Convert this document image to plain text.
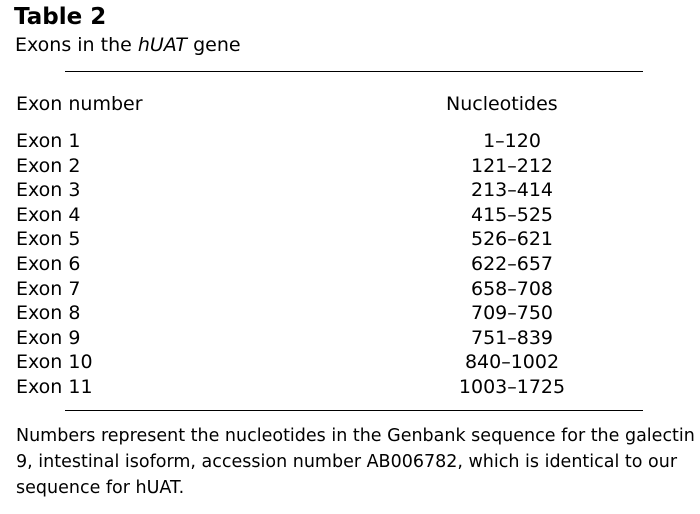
Table 2
Exons in the hUAT gene
Exon number	Nucleotides
Exon 1	1–120
Exon 2	121–212
Exon 3	213–414
Exon 4	415–525
Exon 5	526–621
Exon 6	622–657
Exon 7	658–708
Exon 8	709–750
Exon 9	751–839
Exon 10	840–1002
Exon 11	1003–1725
Numbers represent the nucleotides in the Genbank sequence for the galectin
9, intestinal isoform, accession number AB006782, which is identical to our
sequence for hUAT.
